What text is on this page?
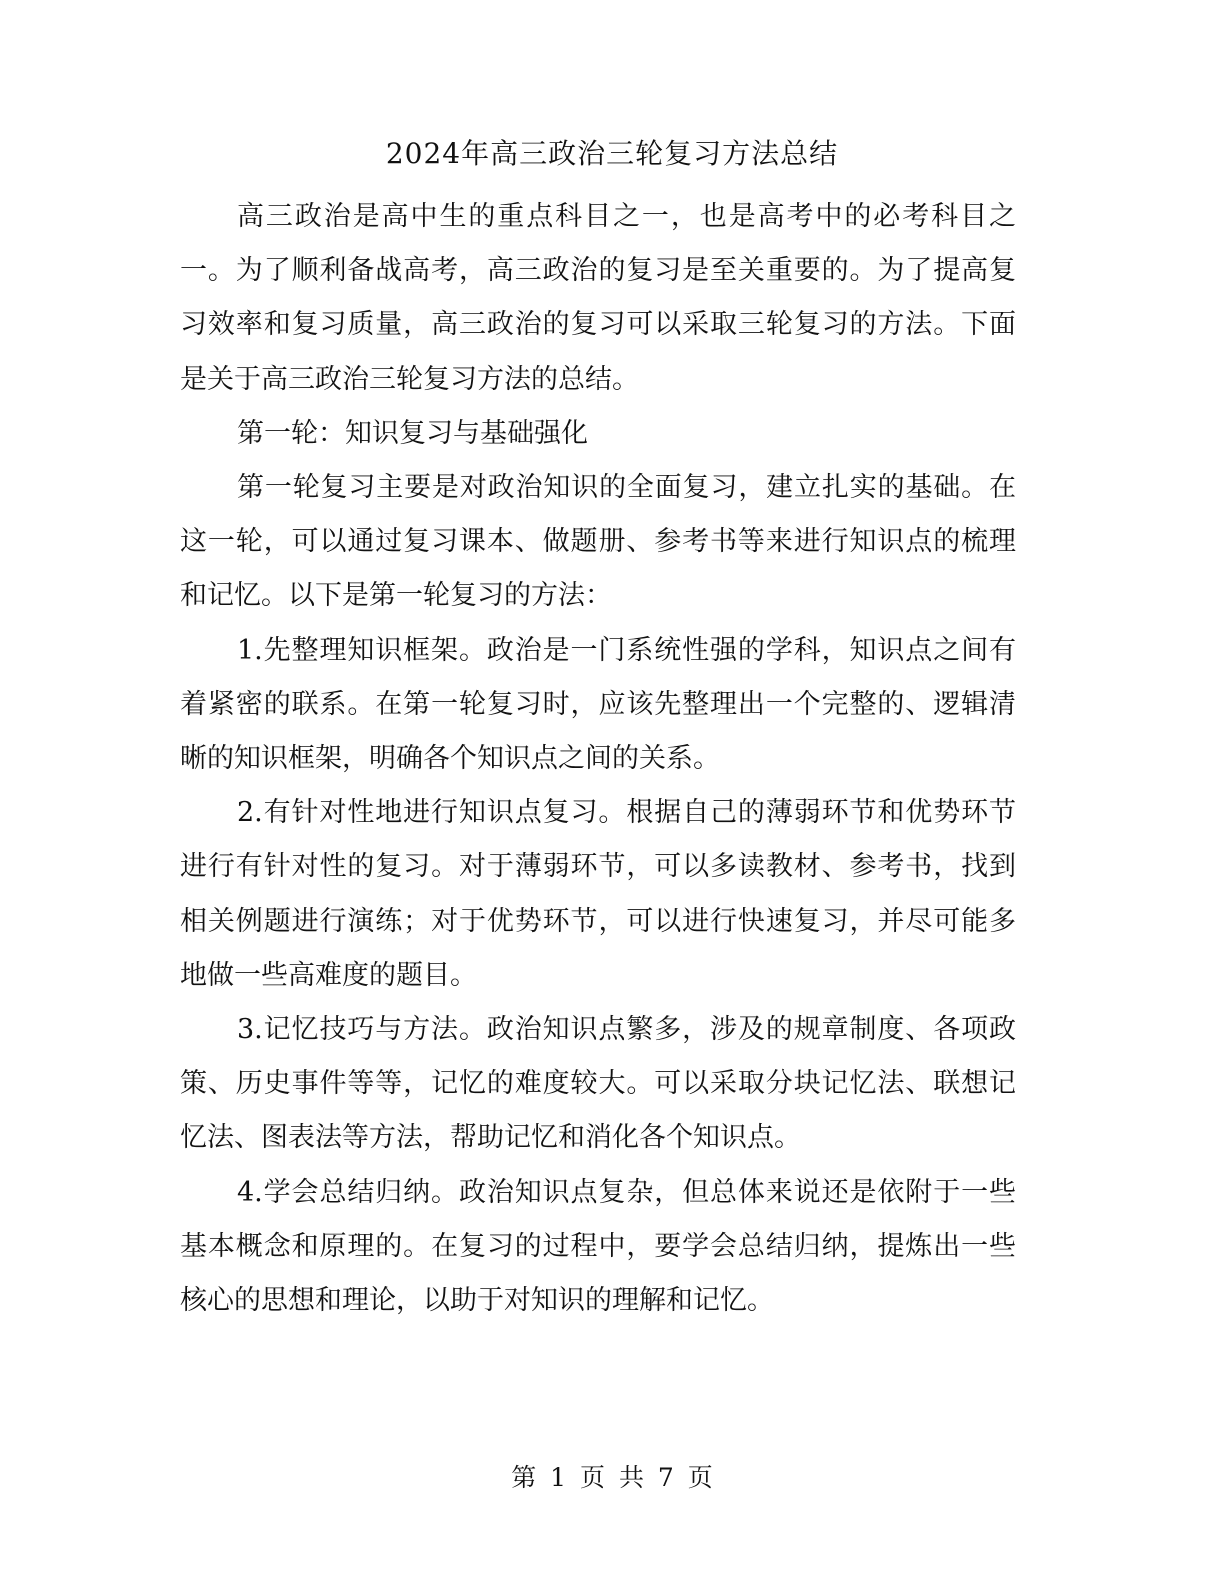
2024年高三政治三轮复习方法总结

高三政治是高中生的重点科目之一，也是高考中的必考科目之一。为了顺利备战高考，高三政治的复习是至关重要的。为了提高复习效率和复习质量，高三政治的复习可以采取三轮复习的方法。下面是关于高三政治三轮复习方法的总结。

第一轮：知识复习与基础强化

第一轮复习主要是对政治知识的全面复习，建立扎实的基础。在这一轮，可以通过复习课本、做题册、参考书等来进行知识点的梳理和记忆。以下是第一轮复习的方法：

1.先整理知识框架。政治是一门系统性强的学科，知识点之间有着紧密的联系。在第一轮复习时，应该先整理出一个完整的、逻辑清晰的知识框架，明确各个知识点之间的关系。

2.有针对性地进行知识点复习。根据自己的薄弱环节和优势环节进行有针对性的复习。对于薄弱环节，可以多读教材、参考书，找到相关例题进行演练；对于优势环节，可以进行快速复习，并尽可能多地做一些高难度的题目。

3.记忆技巧与方法。政治知识点繁多，涉及的规章制度、各项政策、历史事件等等，记忆的难度较大。可以采取分块记忆法、联想记忆法、图表法等方法，帮助记忆和消化各个知识点。

4.学会总结归纳。政治知识点复杂，但总体来说还是依附于一些基本概念和原理的。在复习的过程中，要学会总结归纳，提炼出一些核心的思想和理论，以助于对知识的理解和记忆。

第 1 页 共 7 页
